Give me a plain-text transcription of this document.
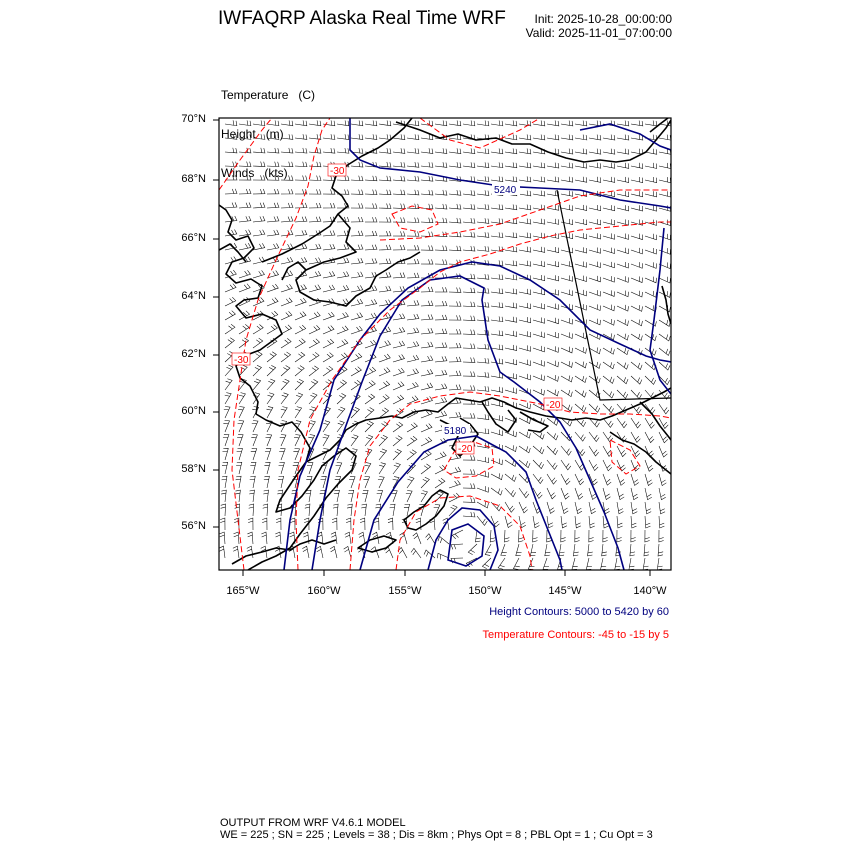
IWFAQRP Alaska Real Time WRF	Init: 2025-10-28_00:00:00
Valid: 2025-11-01_07:00:00

Temperature   (C)

Height   (m)

Winds   (kts)

5240
5180
-30
-30
-20
-20
70°N
68°N
66°N
64°N
62°N
60°N
58°N
56°N
165°W	160°W	155°W	150°W	145°W	140°W
Height Contours: 5000 to 5420 by 60
Temperature Contours: -45 to -15 by 5
OUTPUT FROM WRF V4.6.1 MODEL
WE = 225 ; SN = 225 ; Levels = 38 ; Dis = 8km ; Phys Opt = 8 ; PBL Opt = 1 ; Cu Opt = 3
